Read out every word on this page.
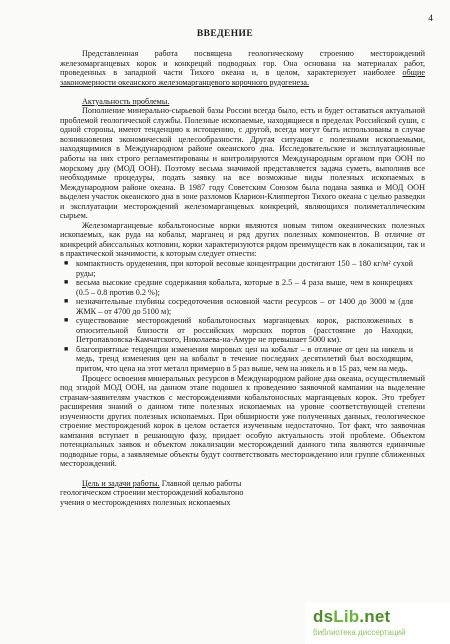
4
ВВЕДЕНИЕ

Представленная работа посвящена геологическому строению месторождений железомарганцевых корок и конкреций подводных гор. Она основана на материалах работ, проведенных в западной части Тихого океана и, в целом, характеризует наиболее общие закономерности океанского железомарганцевого корочного рудогенеза.

Актуальность проблемы.

Пополнение минерально-сырьевой базы России всегда было, есть и будет оставаться актуальной проблемой геологической службы. Полезные ископаемые, находящиеся в пределах Российской суши, с одной стороны, имеют тенденцию к истощению, с другой, всегда могут быть использованы в случае возникновения экономической целесообразности. Другая ситуация с полезными ископаемыми, находящимися в Международном районе океанского дна. Исследовательские и эксплуатационные работы на них строго регламентированы и контролируются Международным органом при ООН по морскому дну (МОД ООН). Поэтому весьма значимой представляется задача суметь, выполнив все необходимые процедуры, подать заявку на все возможные виды полезных ископаемых в Международном районе океана. В 1987 году Советским Союзом была подана заявка и МОД ООН выделен участок океанского дна в зоне разломов Кларион-Клиппертон Тихого океана с целью разведки и эксплуатации месторождений железомарганцевых конкреций, являющихся полиметаллическим сырьем.

Железомарганцевые кобальтоносные корки являются новым типом океанических полезных ископаемых, как руда на кобальт, марганец и ряд других полезных компонентов. В отличие от конкреций абиссальных котловин, корки характеризуются рядом преимуществ как в локализации, так и в практической значимости, к которым следует отнести:

■ компактность оруденения, при которой весовые концентрации достигают 150 – 180 кг/м² сухой руды;
■ весьма высокие средние содержания кобальта, которые в 2.5 – 4 раза выше, чем в конкрециях (0.5 – 0.8 против 0.2 %);
■ незначительные глубины сосредоточения основной части ресурсов – от 1400 до 3000 м (для ЖМК – от 4700 до 5100 м);
■ существование месторождений кобальтоносных марганцевых корок, расположенных в относительной близости от российских морских портов (расстояние до Находки, Петропавловска-Камчатского, Николаева-на-Амуре не превышает 5000 км).
■ благоприятные тенденции изменения мировых цен на кобальт – в отличие от цен на никель и медь, тренд изменения цен на кобальт в течение последних десятилетий был восходящим, притом, что цена на этот металл примерно в 5 раз выше, чем на никель и в 15 раз, чем на медь.

Процесс освоения минеральных ресурсов в Международном районе дна океана, осуществляемый под эгидой МОД ООН, на данном этапе подошел к проведению заявочной кампании на выделение странам-заявителям участков с месторождениями кобальтоносных марганцевых корок. Это требует расширения знаний о данном типе полезных ископаемых на уровне соответствующей степени изученности других полезных ископаемых. При обширности уже полученных данных, геологическое строение месторождений корок в целом остается изученным недостаточно. Тот факт, что заявочная кампания вступает в решающую фазу, придает особую актуальность этой проблеме. Объектом потенциальных заявок и объектом локализации месторождений данного типа являются единичные подводные горы, а заявляемые объекты будут соответствовать месторождению или группе сближенных месторождений.

Цель и задачи работы. Главной целью работы

геологическом строении месторождений кобальтоно

учения о месторождениях полезных ископаемых

dsLib.net
библиотека диссертаций
